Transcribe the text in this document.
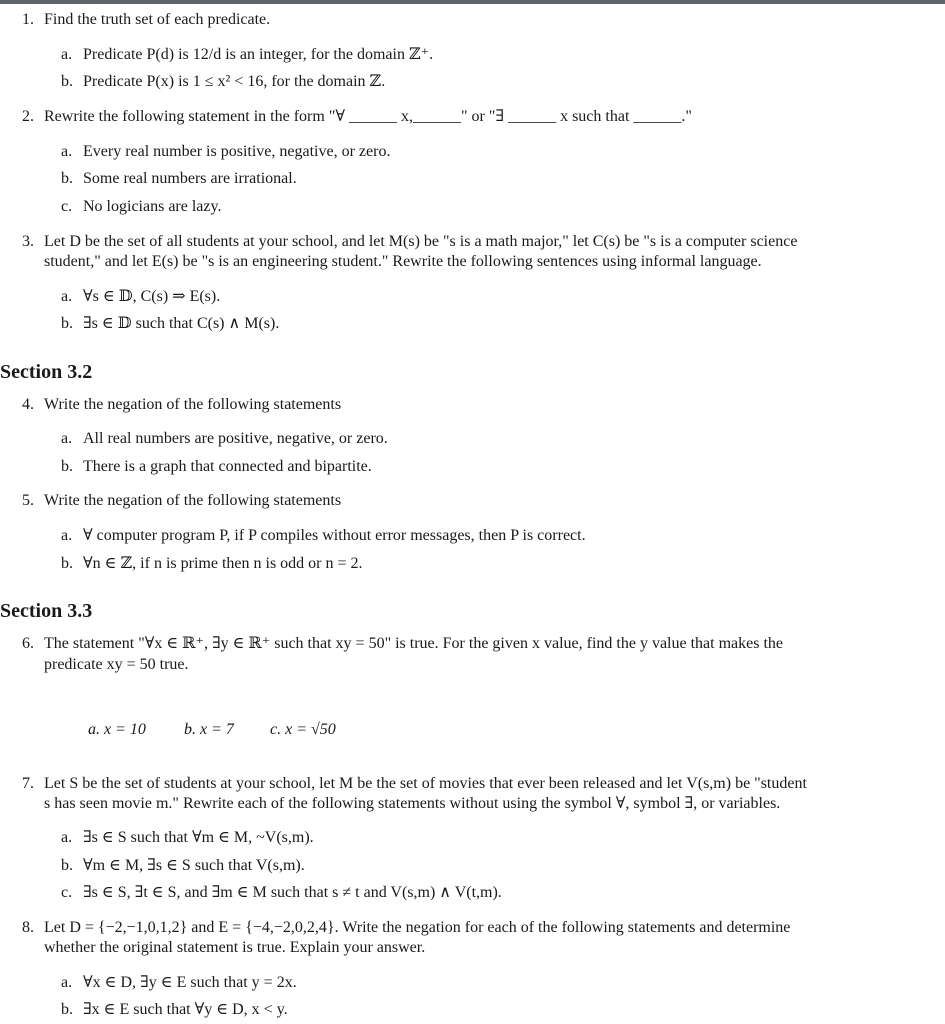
1. Find the truth set of each predicate.
a. Predicate P(d) is 12/d is an integer, for the domain ℤ⁺.
b. Predicate P(x) is 1 ≤ x² < 16, for the domain ℤ.
2. Rewrite the following statement in the form "∀ ______ x,______" or "∃ ______ x such that ______."
a. Every real number is positive, negative, or zero.
b. Some real numbers are irrational.
c. No logicians are lazy.
3. Let D be the set of all students at your school, and let M(s) be "s is a math major," let C(s) be "s is a computer science
student," and let E(s) be "s is an engineering student." Rewrite the following sentences using informal language.
a. ∀s ∈ 𝔻, C(s) ⇒ E(s).
b. ∃s ∈ 𝔻 such that C(s) ∧ M(s).
Section 3.2
4. Write the negation of the following statements
a. All real numbers are positive, negative, or zero.
b. There is a graph that connected and bipartite.
5. Write the negation of the following statements
a. ∀ computer program P, if P compiles without error messages, then P is correct.
b. ∀n ∈ ℤ, if n is prime then n is odd or n = 2.
Section 3.3
6. The statement "∀x ∈ ℝ⁺, ∃y ∈ ℝ⁺ such that xy = 50" is true. For the given x value, find the y value that makes the
predicate xy = 50 true.
a. x = 10 b. x = 7 c. x = √50
7. Let S be the set of students at your school, let M be the set of movies that ever been released and let V(s,m) be "student
s has seen movie m." Rewrite each of the following statements without using the symbol ∀, symbol ∃, or variables.
a. ∃s ∈ S such that ∀m ∈ M, ~V(s,m).
b. ∀m ∈ M, ∃s ∈ S such that V(s,m).
c. ∃s ∈ S, ∃t ∈ S, and ∃m ∈ M such that s ≠ t and V(s,m) ∧ V(t,m).
8. Let D = {−2,−1,0,1,2} and E = {−4,−2,0,2,4}. Write the negation for each of the following statements and determine
whether the original statement is true. Explain your answer.
a. ∀x ∈ D, ∃y ∈ E such that y = 2x.
b. ∃x ∈ E such that ∀y ∈ D, x < y.
